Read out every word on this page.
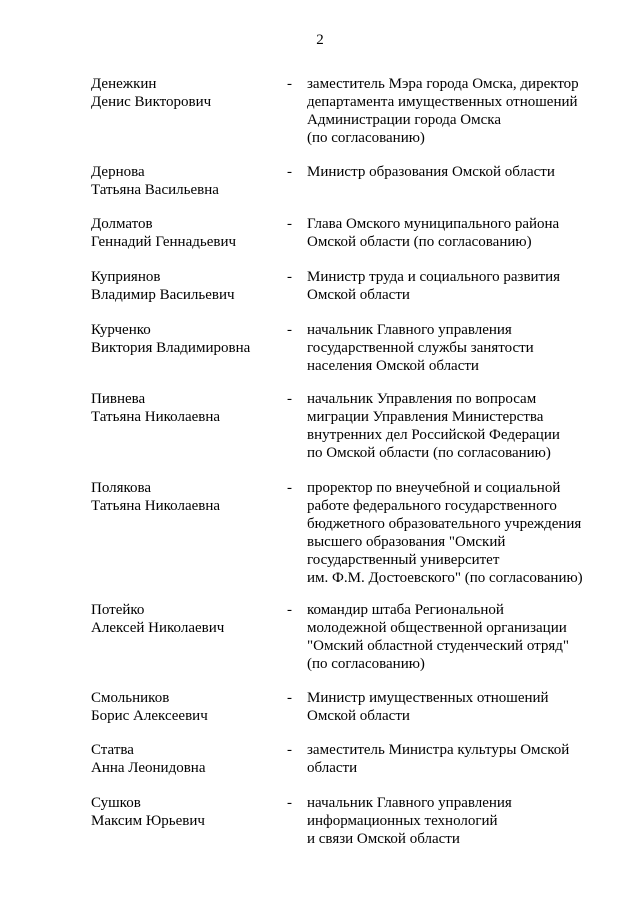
2
Денежкин
Денис Викторович
- заместитель Мэра города Омска, директор
департамента имущественных отношений
Администрации города Омска
(по согласованию)
Дернова
Татьяна Васильевна
- Министр образования Омской области
Долматов
Геннадий Геннадьевич
- Глава Омского муниципального района
Омской области (по согласованию)
Куприянов
Владимир Васильевич
- Министр труда и социального развития
Омской области
Курченко
Виктория Владимировна
- начальник Главного управления
государственной службы занятости
населения Омской области
Пивнева
Татьяна Николаевна
- начальник Управления по вопросам
миграции Управления Министерства
внутренних дел Российской Федерации
по Омской области (по согласованию)
Полякова
Татьяна Николаевна
- проректор по внеучебной и социальной
работе федерального государственного
бюджетного образовательного учреждения
высшего образования "Омский
государственный университет
им. Ф.М. Достоевского" (по согласованию)
Потейко
Алексей Николаевич
- командир штаба Региональной
молодежной общественной организации
"Омский областной студенческий отряд"
(по согласованию)
Смольников
Борис Алексеевич
- Министр имущественных отношений
Омской области
Статва
Анна Леонидовна
- заместитель Министра культуры Омской
области
Сушков
Максим Юрьевич
- начальник Главного управления
информационных технологий
и связи Омской области
